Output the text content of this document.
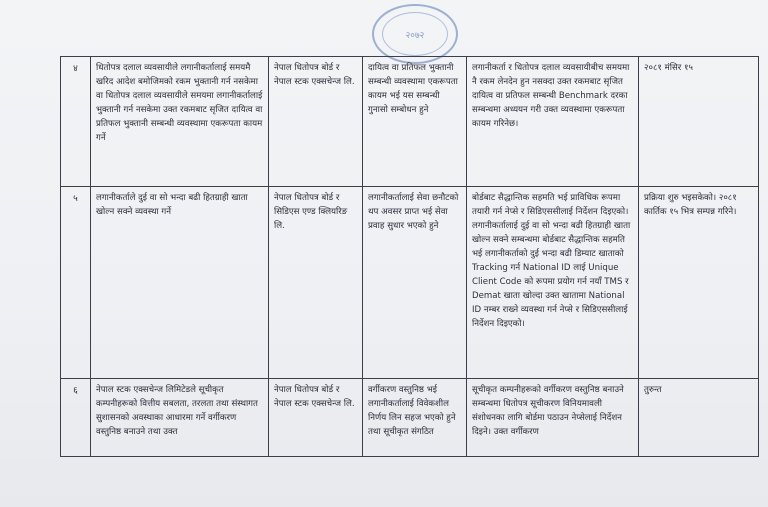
२०७२
४	धितोपत्र दलाल व्यवसायीले लगानीकर्तालाई समयमै खरिद आदेश बमोजिमको रकम भुक्तानी गर्न नसकेमा वा धितोपत्र दलाल व्यवसायीले समयमा लगानीकर्तालाई भुक्तानी गर्न नसकेमा उक्त रकमबाट सृजित दायित्व वा प्रतिफल भुक्तानी सम्बन्धी व्यवस्थामा एकरूपता कायम गर्ने	नेपाल धितोपत्र बोर्ड र नेपाल स्टक एक्सचेन्ज लि.	दायित्व वा प्रतिफल भुक्तानी सम्बन्धी व्यवस्थामा एकरूपता कायम भई यस सम्बन्धी गुनासो सम्बोधन हुने	लगानीकर्ता र धितोपत्र दलाल व्यवसायीबीच समयमा नै रकम लेनदेन हुन नसक्दा उक्त रकमबाट सृजित दायित्व वा प्रतिफल सम्बन्धी Benchmark दरका सम्बन्धमा अध्ययन गरी उक्त व्यवस्थामा एकरूपता कायम गरिनेछ।	२०८१ मंसिर १५
५	लगानीकर्ताले दुई वा सो भन्दा बढी हितग्राही खाता खोल्न सक्ने व्यवस्था गर्ने	नेपाल धितोपत्र बोर्ड र सिडिएस एण्ड क्लियरिङ लि.	लगानीकर्तालाई सेवा छनौटको थप अवसर प्राप्त भई सेवा प्रवाह सुधार भएको हुने	बोर्डबाट सैद्धान्तिक सहमति भई प्राविधिक रूपमा तयारी गर्न नेप्से र सिडिएससीलाई निर्देशन दिइएको। लगानीकर्तालाई दुई वा सो भन्दा बढी हितग्राही खाता खोल्न सक्ने सम्बन्धमा बोर्डबाट सैद्धान्तिक सहमति भई लगानीकर्ताको दुई भन्दा बढी डिम्याट खाताको Tracking गर्न National ID लाई Unique Client Code को रूपमा प्रयोग गर्न नयाँ TMS र Demat खाता खोल्दा उक्त खातामा National ID नम्बर राख्ने व्यवस्था गर्न नेप्से र सिडिएससीलाई निर्देशन दिइएको।	प्रक्रिया शुरु भइसकेको। २०८१ कार्तिक १५ भित्र सम्पन्न गरिने।
६	नेपाल स्टक एक्सचेन्ज लिमिटेडले सूचीकृत कम्पनीहरूको वित्तीय सबलता, तरलता तथा संस्थागत सुशासनको अवस्थाका आधारमा गर्ने वर्गीकरण वस्तुनिष्ठ बनाउने तथा उक्त	नेपाल धितोपत्र बोर्ड र नेपाल स्टक एक्सचेन्ज लि.	वर्गीकरण वस्तुनिष्ठ भई लगानीकर्तालाई विवेकशील निर्णय लिन सहज भएको हुने तथा सूचीकृत संगठित	सूचीकृत कम्पनीहरूको वर्गीकरण वस्तुनिष्ठ बनाउने सम्बन्धमा धितोपत्र सूचीकरण विनियमावली संशोधनका लागि बोर्डमा पठाउन नेप्सेलाई निर्देशन दिइने। उक्त वर्गीकरण	तुरुन्त
